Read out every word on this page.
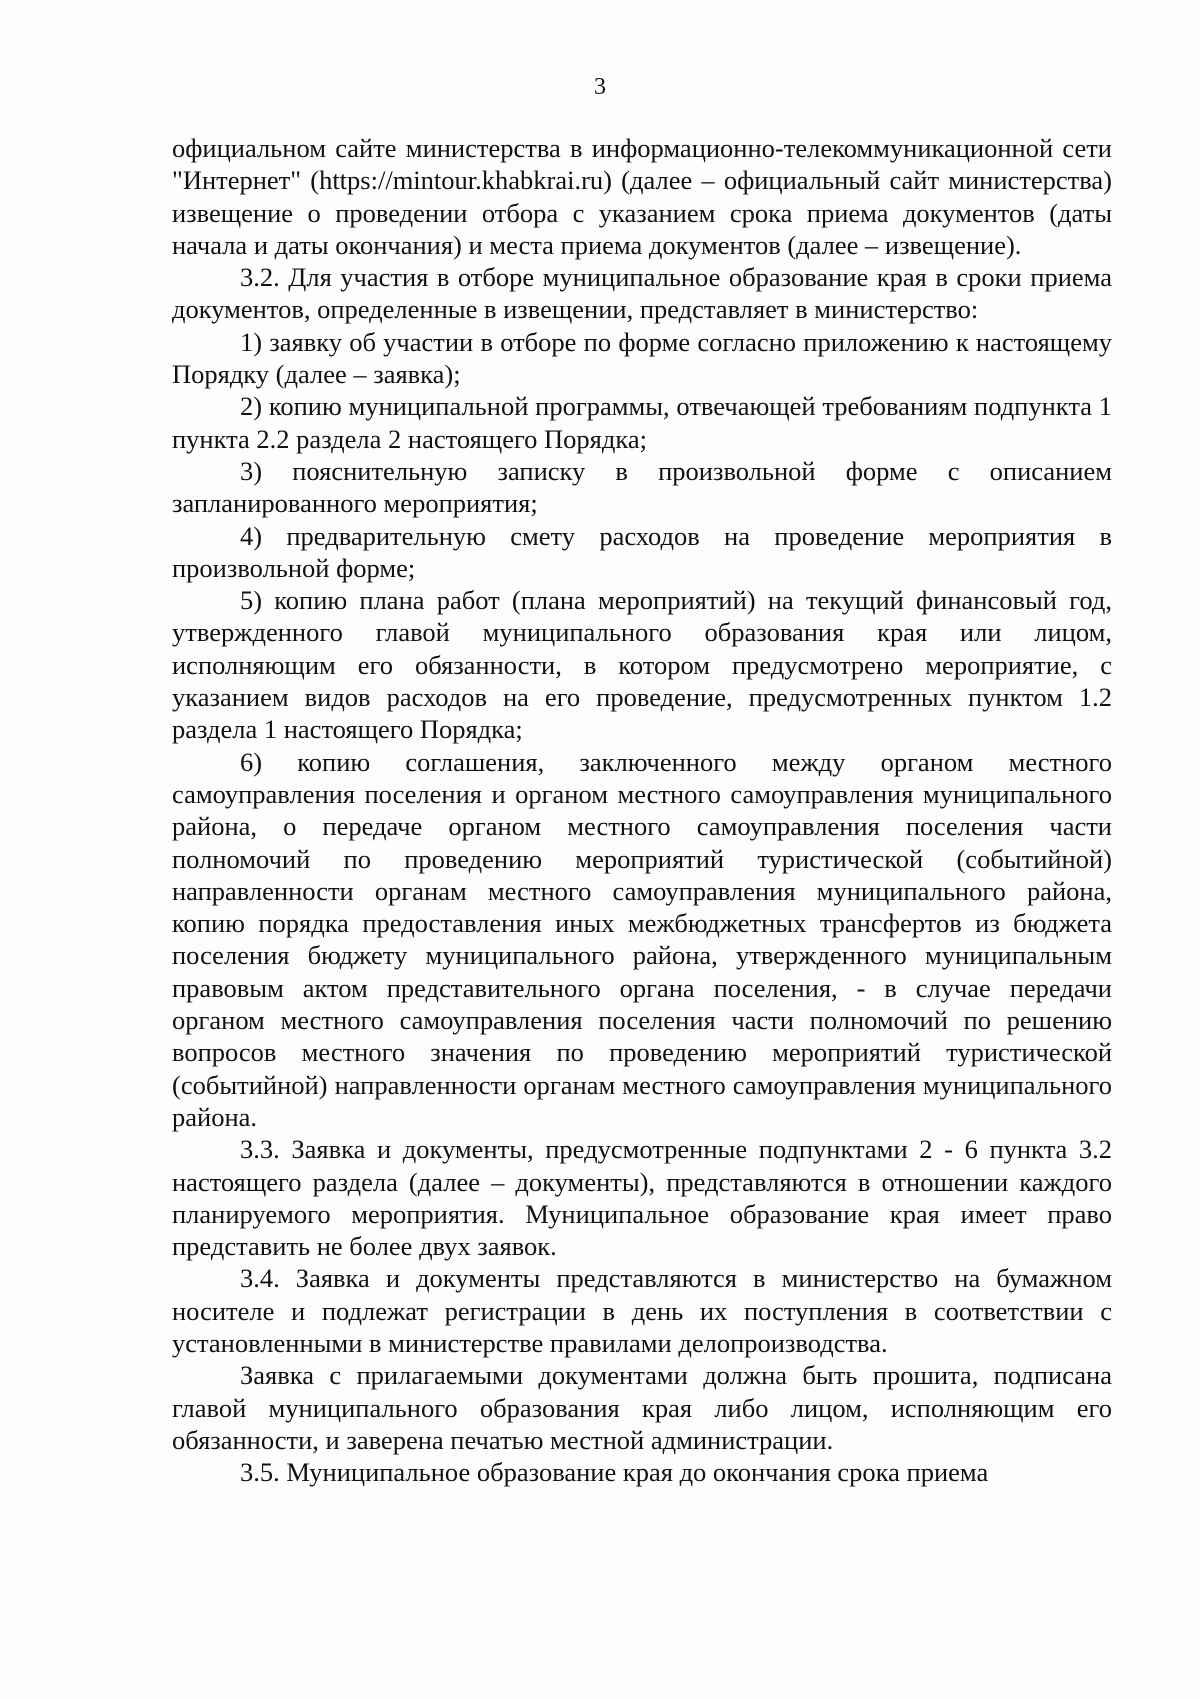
3

официальном сайте министерства в информационно-телекоммуникационной сети "Интернет" (https://mintour.khabkrai.ru) (далее – официальный сайт министерства) извещение о проведении отбора с указанием срока приема документов (даты начала и даты окончания) и места приема документов (далее – извещение).

3.2. Для участия в отборе муниципальное образование края в сроки приема документов, определенные в извещении, представляет в министерство:

1) заявку об участии в отборе по форме согласно приложению к настоящему Порядку (далее – заявка);

2) копию муниципальной программы, отвечающей требованиям подпункта 1 пункта 2.2 раздела 2 настоящего Порядка;

3) пояснительную записку в произвольной форме с описанием запланированного мероприятия;

4) предварительную смету расходов на проведение мероприятия в произвольной форме;

5) копию плана работ (плана мероприятий) на текущий финансовый год, утвержденного главой муниципального образования края или лицом, исполняющим его обязанности, в котором предусмотрено мероприятие, с указанием видов расходов на его проведение, предусмотренных пунктом 1.2 раздела 1 настоящего Порядка;

6) копию соглашения, заключенного между органом местного самоуправления поселения и органом местного самоуправления муниципального района, о передаче органом местного самоуправления поселения части полномочий по проведению мероприятий туристической (событийной) направленности органам местного самоуправления муниципального района, копию порядка предоставления иных межбюджетных трансфертов из бюджета поселения бюджету муниципального района, утвержденного муниципальным правовым актом представительного органа поселения, - в случае передачи органом местного самоуправления поселения части полномочий по решению вопросов местного значения по проведению мероприятий туристической (событийной) направленности органам местного самоуправления муниципального района.

3.3. Заявка и документы, предусмотренные подпунктами 2 - 6 пункта 3.2 настоящего раздела (далее – документы), представляются в отношении каждого планируемого мероприятия. Муниципальное образование края имеет право представить не более двух заявок.

3.4. Заявка и документы представляются в министерство на бумажном носителе и подлежат регистрации в день их поступления в соответствии с установленными в министерстве правилами делопроизводства.

Заявка с прилагаемыми документами должна быть прошита, подписана главой муниципального образования края либо лицом, исполняющим его обязанности, и заверена печатью местной администрации.

3.5. Муниципальное образование края до окончания срока приема
